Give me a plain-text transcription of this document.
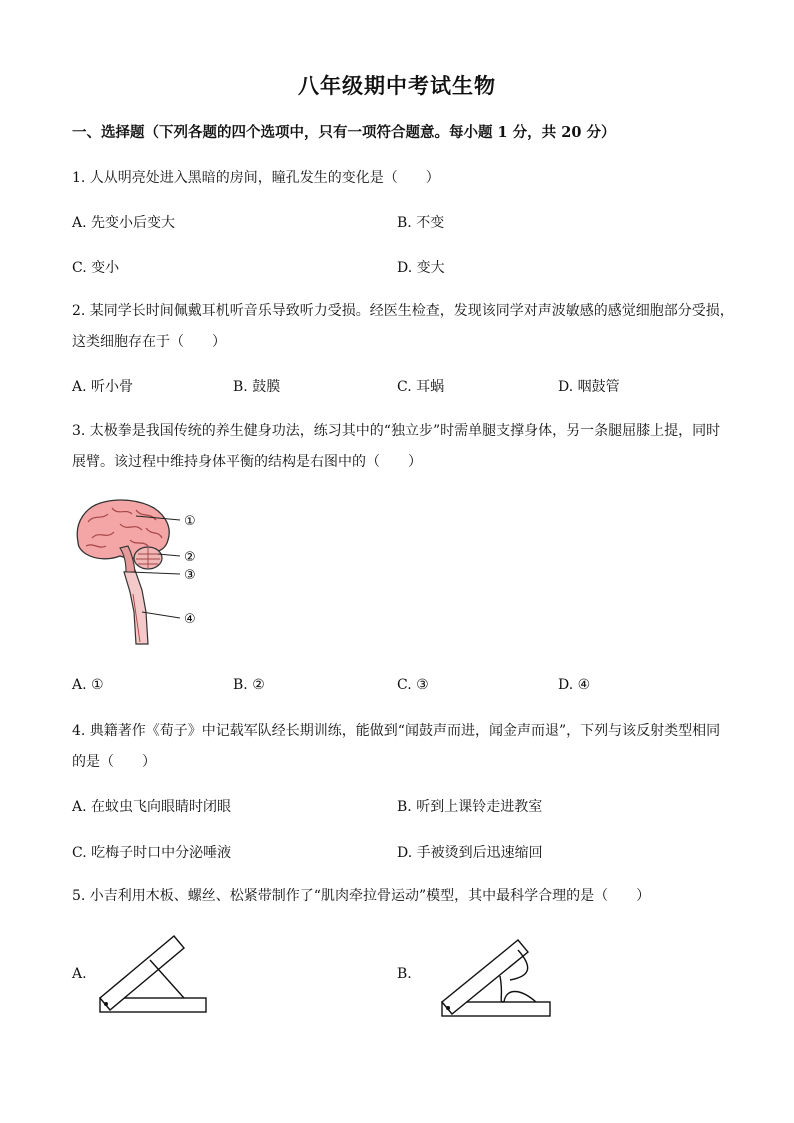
八年级期中考试生物
一、选择题（下列各题的四个选项中，只有一项符合题意。每小题 1 分，共 20 分）
1. 人从明亮处进入黑暗的房间，瞳孔发生的变化是（　　）
A. 先变小后变大	B. 不变
C. 变小	D. 变大
2. 某同学长时间佩戴耳机听音乐导致听力受损。经医生检查，发现该同学对声波敏感的感觉细胞部分受损，
这类细胞存在于（　　）
A. 听小骨	B. 鼓膜	C. 耳蜗	D. 咽鼓管
3. 太极拳是我国传统的养生健身功法，练习其中的“独立步”时需单腿支撑身体，另一条腿屈膝上提，同时
展臂。该过程中维持身体平衡的结构是右图中的（　　）
①
②
③
④
A. ①	B. ②	C. ③	D. ④
4. 典籍著作《荀子》中记载军队经长期训练，能做到“闻鼓声而进，闻金声而退”，下列与该反射类型相同
的是（　　）
A. 在蚊虫飞向眼睛时闭眼	B. 听到上课铃走进教室
C. 吃梅子时口中分泌唾液	D. 手被烫到后迅速缩回
5. 小吉利用木板、螺丝、松紧带制作了“肌肉牵拉骨运动”模型，其中最科学合理的是（　　）
A.	B.
